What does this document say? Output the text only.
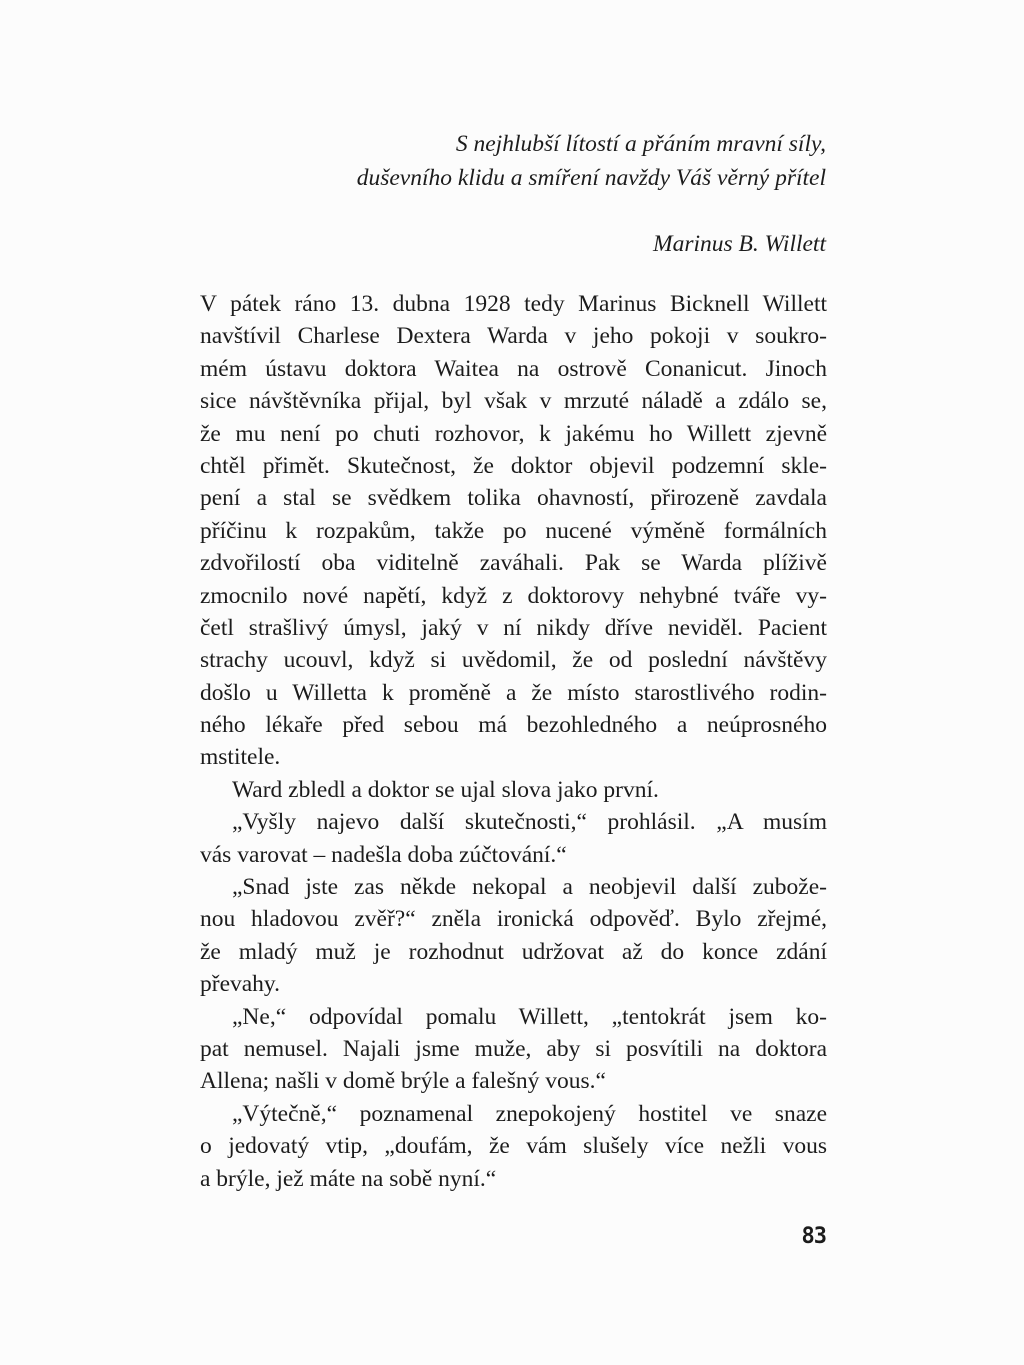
S nejhlubší lítostí a přáním mravní síly,
duševního klidu a smíření navždy Váš věrný přítel
Marinus B. Willett
V pátek ráno 13. dubna 1928 tedy Marinus Bicknell Willett
navštívil Charlese Dextera Warda v jeho pokoji v soukro-
mém ústavu doktora Waitea na ostrově Conanicut. Jinoch
sice návštěvníka přijal, byl však v mrzuté náladě a zdálo se,
že mu není po chuti rozhovor, k jakému ho Willett zjevně
chtěl přimět. Skutečnost, že doktor objevil podzemní skle-
pení a stal se svědkem tolika ohavností, přirozeně zavdala
příčinu k rozpakům, takže po nucené výměně formálních
zdvořilostí oba viditelně zaváhali. Pak se Warda plíživě
zmocnilo nové napětí, když z doktorovy nehybné tváře vy-
četl strašlivý úmysl, jaký v ní nikdy dříve neviděl. Pacient
strachy ucouvl, když si uvědomil, že od poslední návštěvy
došlo u Willetta k proměně a že místo starostlivého rodin-
ného lékaře před sebou má bezohledného a neúprosného
mstitele.
Ward zbledl a doktor se ujal slova jako první.
„Vyšly najevo další skutečnosti,“ prohlásil. „A musím
vás varovat – nadešla doba zúčtování.“
„Snad jste zas někde nekopal a neobjevil další zubože-
nou hladovou zvěř?“ zněla ironická odpověď. Bylo zřejmé,
že mladý muž je rozhodnut udržovat až do konce zdání
převahy.
„Ne,“ odpovídal pomalu Willett, „tentokrát jsem ko-
pat nemusel. Najali jsme muže, aby si posvítili na doktora
Allena; našli v domě brýle a falešný vous.“
„Výtečně,“ poznamenal znepokojený hostitel ve snaze
o jedovatý vtip, „doufám, že vám slušely více nežli vous
a brýle, jež máte na sobě nyní.“
83
